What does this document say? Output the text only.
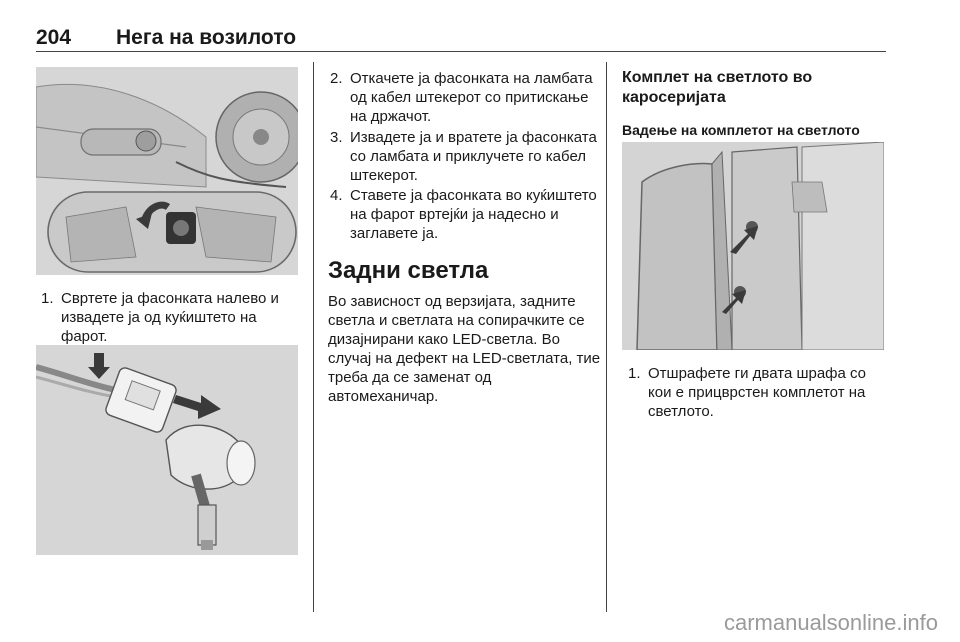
204 Нега на возилото
1. Свртете ја фасонката налево и извадете ја од куќиштето на фарот.
2. Откачете ја фасонката на ламбата од кабел штекерот со притискање на држачот.
3. Извадете ја и вратете ја фасонката со ламбата и приклучете го кабел штекерот.
4. Ставете ја фасонката во куќиштето на фарот вртејќи ја надесно и заглавете ја.
Задни светла
Во зависност од верзијата, задните светла и светлата на сопирачките се дизајнирани како LED-светла. Во случај на дефект на LED-светлата, тие треба да се заменат од автомеханичар.
Комплет на светлото во каросеријата
Вадење на комплетот на светлото
1. Отшрафете ги двата шрафа со кои е прицврстен комплетот на светлото.
carmanualsonline.info
